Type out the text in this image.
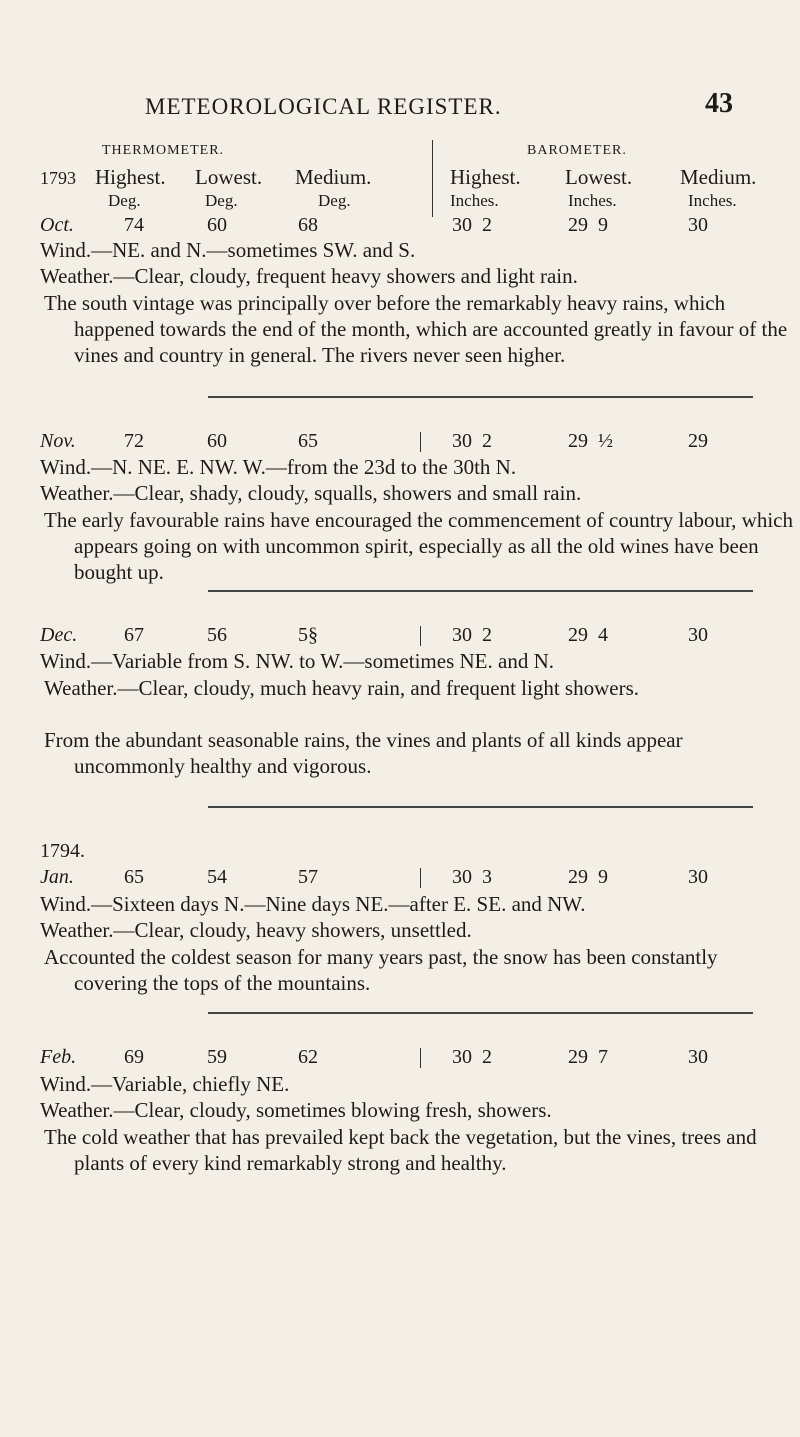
METEOROLOGICAL REGISTER.	43
THERMOMETER.	BAROMETER.
1793 Highest. Lowest. Medium.	Highest. Lowest. Medium.
Deg.	Deg.	Deg.	Inches.	Inches.	Inches.
Oct.	74	60	68	30  2	29  9	30
Wind.—NE. and N.—sometimes SW. and S.
Weather.—Clear, cloudy, frequent heavy showers and light rain.
The south vintage was principally over before the remarkably heavy rains, which happened towards the end of the month, which are accounted greatly in favour of the vines and country in general. The rivers never seen higher.
Nov. 72	60	65	30  2	29  ½	29
Wind.—N. NE. E. NW. W.—from the 23d to the 30th N.
Weather.—Clear, shady, cloudy, squalls, showers and small rain.
The early favourable rains have encouraged the commencement of country labour, which appears going on with uncommon spirit, especially as all the old wines have been bought up.
Dec. 67	56	5§	30  2	29  4	30
Wind.—Variable from S. NW. to W.—sometimes NE. and N.
Weather.—Clear, cloudy, much heavy rain, and frequent light showers.
From the abundant seasonable rains, the vines and plants of all kinds appear uncommonly healthy and vigorous.
1794.
Jan.	65	54	57	30  3	29  9	30
Wind.—Sixteen days N.—Nine days NE.—after E. SE. and NW.
Weather.—Clear, cloudy, heavy showers, unsettled.
Accounted the coldest season for many years past, the snow has been constantly covering the tops of the mountains.
Feb. 69	59	62	30  2	29  7	30
Wind.—Variable, chiefly NE.
Weather.—Clear, cloudy, sometimes blowing fresh, showers.
The cold weather that has prevailed kept back the vegetation, but the vines, trees and plants of every kind remarkably strong and healthy.
